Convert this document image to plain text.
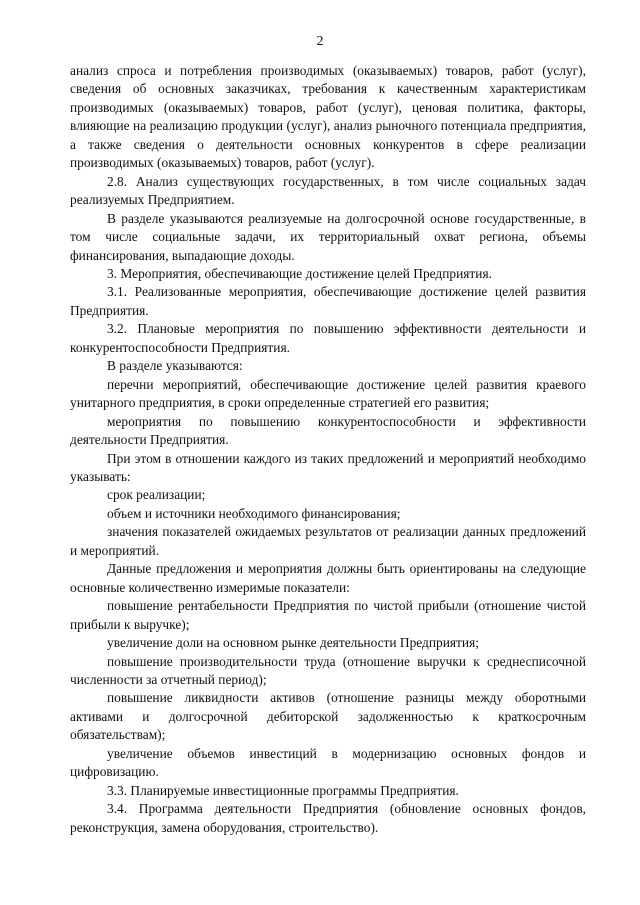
2

анализ спроса и потребления производимых (оказываемых) товаров, работ (услуг), сведения об основных заказчиках, требования к качественным характеристикам производимых (оказываемых) товаров, работ (услуг), ценовая политика, факторы, влияющие на реализацию продукции (услуг), анализ рыночного потенциала предприятия, а также сведения о деятельности основных конкурентов в сфере реализации производимых (оказываемых) товаров, работ (услуг).

2.8. Анализ существующих государственных, в том числе социальных задач реализуемых Предприятием.

В разделе указываются реализуемые на долгосрочной основе государственные, в том числе социальные задачи, их территориальный охват региона, объемы финансирования, выпадающие доходы.

3. Мероприятия, обеспечивающие достижение целей Предприятия.

3.1. Реализованные мероприятия, обеспечивающие достижение целей развития Предприятия.

3.2. Плановые мероприятия по повышению эффективности деятельности и конкурентоспособности Предприятия.

В разделе указываются:

перечни мероприятий, обеспечивающие достижение целей развития краевого унитарного предприятия, в сроки определенные стратегией его развития;

мероприятия по повышению конкурентоспособности и эффективности деятельности Предприятия.

При этом в отношении каждого из таких предложений и мероприятий необходимо указывать:

срок реализации;

объем и источники необходимого финансирования;

значения показателей ожидаемых результатов от реализации данных предложений и мероприятий.

Данные предложения и мероприятия должны быть ориентированы на следующие основные количественно измеримые показатели:

повышение рентабельности Предприятия по чистой прибыли (отношение чистой прибыли к выручке);

увеличение доли на основном рынке деятельности Предприятия;

повышение производительности труда (отношение выручки к среднесписочной численности за отчетный период);

повышение ликвидности активов (отношение разницы между оборотными активами и долгосрочной дебиторской задолженностью к краткосрочным обязательствам);

увеличение объемов инвестиций в модернизацию основных фондов и цифровизацию.

3.3. Планируемые инвестиционные программы Предприятия.

3.4. Программа деятельности Предприятия (обновление основных фондов, реконструкция, замена оборудования, строительство).
